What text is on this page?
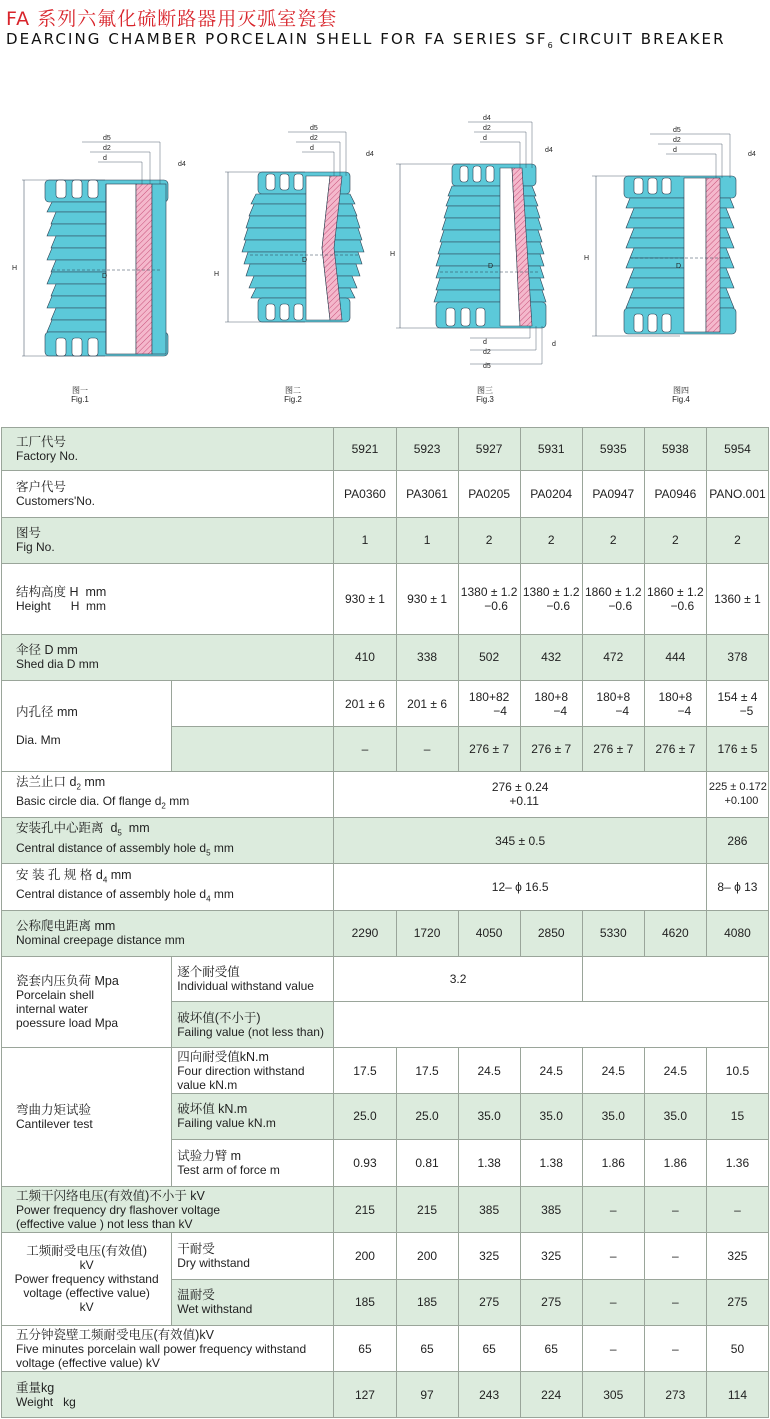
FA 系列六氟化硫断路器用灭弧室瓷套
DEARCING CHAMBER PORCELAIN SHELL FOR FA SERIES $SF_6$ CIRCUIT BREAKER
d5
d2
d
d4
D
H
d5
d2
d
d4
D
H
d4
d2
d
d4
D
H
d
d2
d5
d
d5
d2
d
d4
D
H
图一
Fig.1
图二
Fig.2
图三
Fig.3
图四
Fig.4
工厂代号
Factory No.		5921	5923	5927	5931	5935	5938	5954

客户代号
Customers'No.		PA0360	PA3061	PA0205	PA0204	PA0947	PA0946	PANO.001

图号
Fig No.		1	1	2	2	2	2	2

结构高度 H  mm
Height      H  mm		930 ± 1	930 ± 1	1380 ± 1.2
−0.6	1380 ± 1.2
−0.6	1860 ± 1.2
−0.6	1860 ± 1.2
−0.6	1360 ± 1

伞径 D mm
Shed dia D mm		410	338	502	432	472	444	378

内孔径 mm

Dia. Mm		201 ± 6	201 ± 6	180+82
−4	180+8
−4	180+8
−4	180+8
−4	154 ± 4
−5

		–	–	276 ± 7	276 ± 7	276 ± 7	276 ± 7	176 ± 5

法兰止口 $d_2$ mm
Basic circle dia. Of flange $d_2$ mm		276 ± 0.24
+0.11						225 ± 0.172
+0.100

安装孔中心距离  $d_5$  mm
Central distance of assembly hole $d_5$ mm		345 ± 0.5						286

安 装 孔 规 格 $d_4$ mm
Central distance of assembly hole $d_4$ mm		12– ϕ 16.5						8– ϕ 13

公称爬电距离 mm
Nominal creepage distance mm		2290	1720	4050	2850	5330	4620	4080

瓷套内压负荷 Mpa
Porcelain shell
internal water
poessure load Mpa	逐个耐受值
Individual withstand value	3.2						

	破坏值(不小于)
Failing value (not less than)							

弯曲力矩试验
Cantilever test	四向耐受值kN.m
Four direction withstand
value kN.m	17.5	17.5	24.5	24.5	24.5	24.5	10.5

	破坏值 kN.m
Failing value kN.m	25.0	25.0	35.0	35.0	35.0	35.0	15

	试验力臂 m
Test arm of force m	0.93	0.81	1.38	1.38	1.86	1.86	1.36

工频干闪络电压(有效值)不小于 kV
Power frequency dry flashover voltage
(effective value ) not less than kV		215	215	385	385	–	–	–

工频耐受电压(有效值)
kV
Power frequency withstand
voltage (effective value)
kV	干耐受
Dry withstand	200	200	325	325	–	–	325

	温耐受
Wet withstand	185	185	275	275	–	–	275

五分钟瓷壁工频耐受电压(有效值)kV
Five minutes porcelain wall power frequency withstand
voltage (effective value) kV		65	65	65	65	–	–	50

重量kg
Weight   kg		127	97	243	224	305	273	114
